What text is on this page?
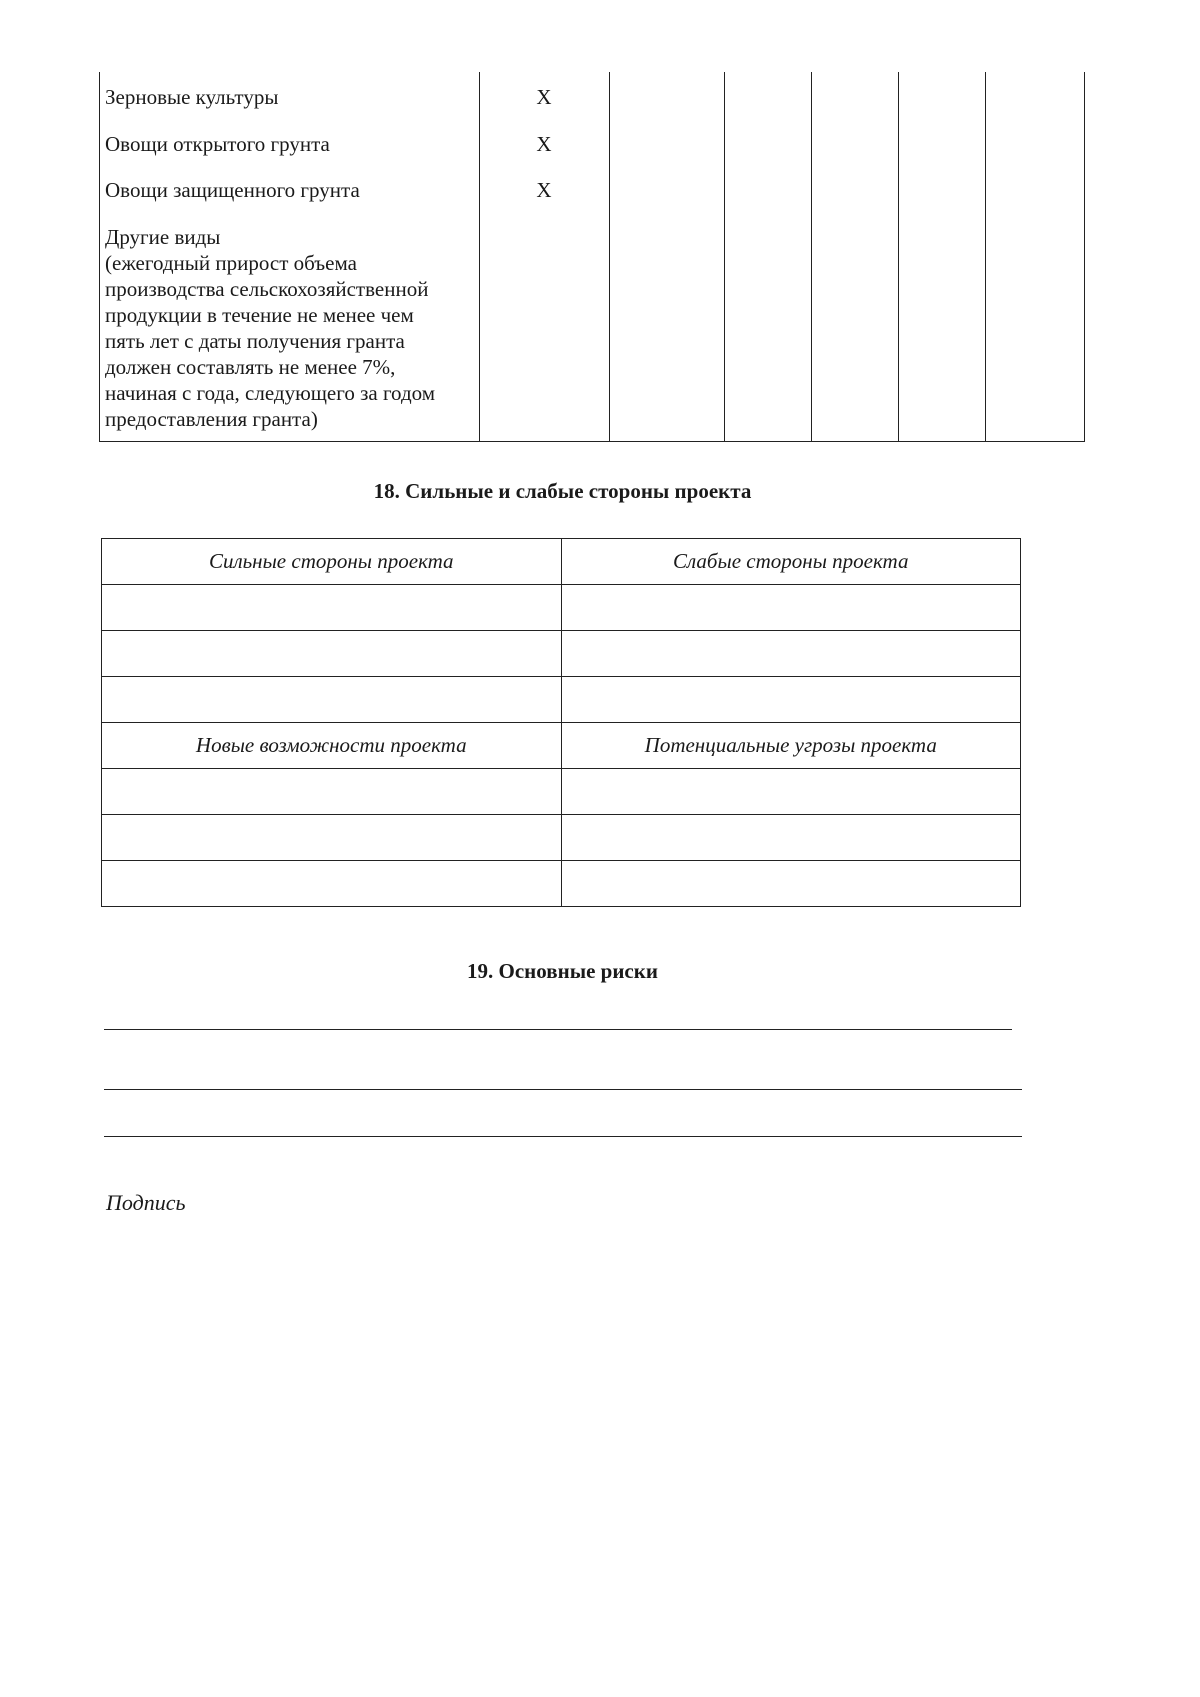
Зерновые культуры	X
Овощи открытого грунта	X
Овощи защищенного грунта	X
Другие виды
(ежегодный прирост объема
производства сельскохозяйственной
продукции в течение не менее чем
пять лет с даты получения гранта
должен составлять не менее 7%,
начиная с года, следующего за годом
предоставления гранта)
18. Сильные и слабые стороны проекта
Сильные стороны проекта	Слабые стороны проекта

Новые возможности проекта	Потенциальные угрозы проекта

19. Основные риски
Подпись
